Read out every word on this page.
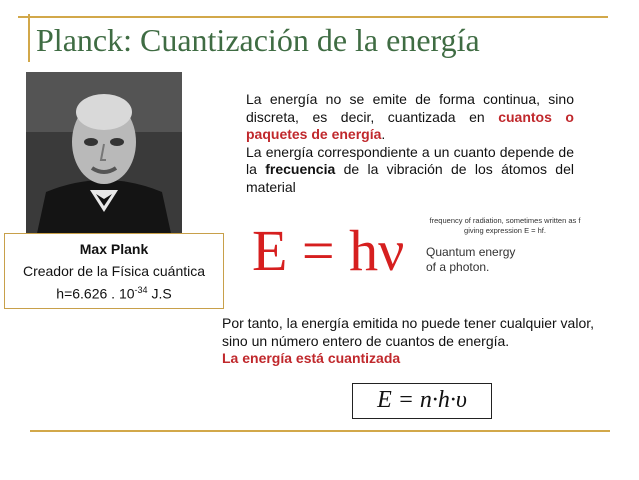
Planck: Cuantización de la energía
Max Plank
Creador de la Física cuántica
h=6.626 . $10^{-34}$ J.S
La energía no se emite de forma continua, sino discreta, es decir, cuantizada en cuantos o paquetes de energía.
La energía correspondiente a un cuanto depende de la frecuencia de la vibración de los átomos del material
E = hν	frequency of radiation, sometimes written as f
giving expression E = hf.
Quantum energy
of a photon.
Por tanto, la energía emitida no puede tener cualquier valor, sino un número entero de cuantos de energía.
La energía está cuantizada
E = n·h·υ
